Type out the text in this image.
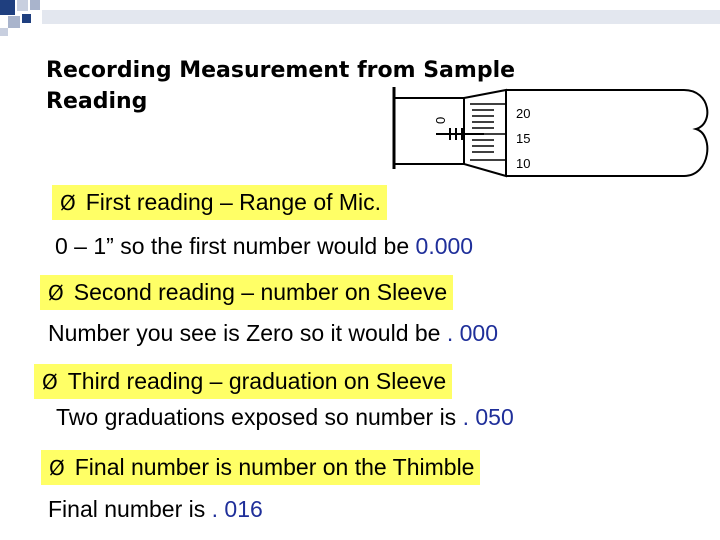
Recording Measurement from Sample
Reading
0	20
15
10
Ø First reading – Range of Mic.
0 – 1” so the first number would be 0.000
Ø Second reading – number on Sleeve
Number you see is Zero so it would be . 000
Ø Third reading – graduation on Sleeve
Two graduations exposed so number is . 050
Ø Final number is number on the Thimble
Final number is . 016
